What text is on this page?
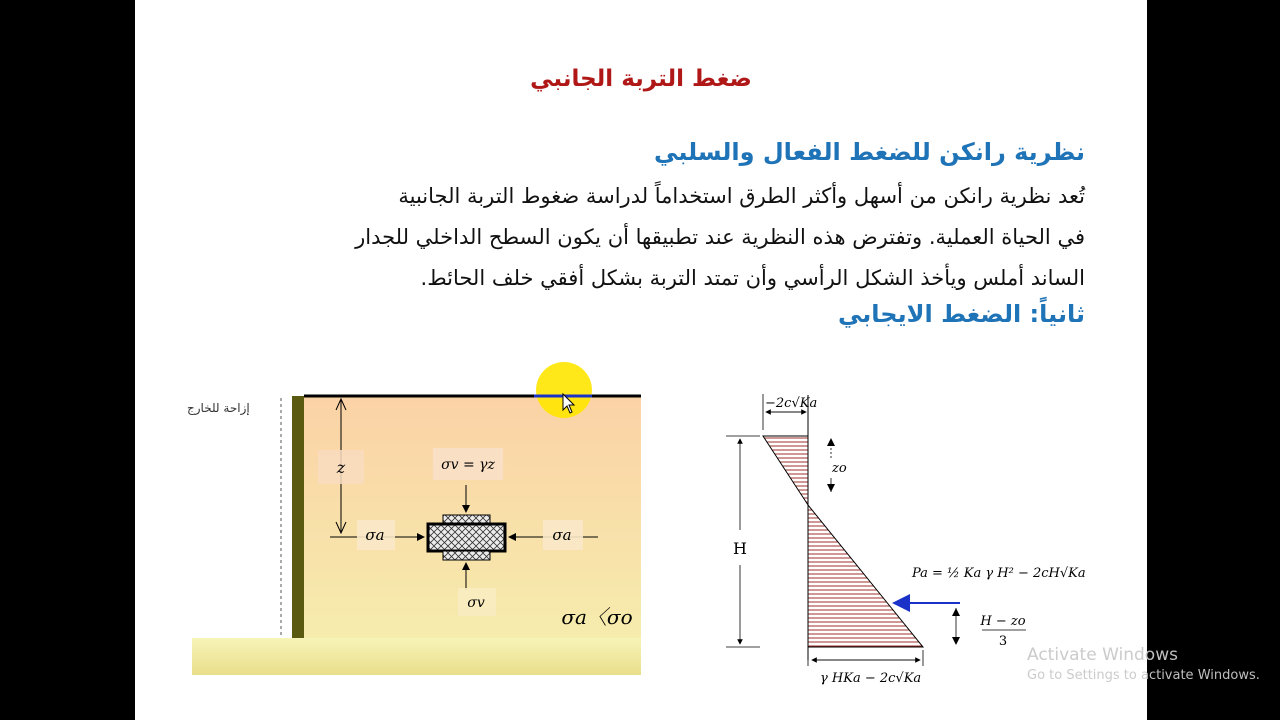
ضغط التربة الجانبي
نظرية رانكن للضغط الفعال والسلبي
تُعد نظرية رانكن من أسهل وأكثر الطرق استخداماً لدراسة ضغوط التربة الجانبية
في الحياة العملية. وتفترض هذه النظرية عند تطبيقها أن يكون السطح الداخلي للجدار
الساند أملس ويأخذ الشكل الرأسي وأن تمتد التربة بشكل أفقي خلف الحائط.
ثانياً: الضغط الايجابي
إزاحة للخارج
z	σv = γz
σa	σa
σv
σa〈σo
−2c√Ka
H
zo
Pa = ½ Ka γ H² − 2cH√Ka
H − zo
3
γ HKa − 2c√Ka
Activate Windows
Go to Settings to activate Windows.
